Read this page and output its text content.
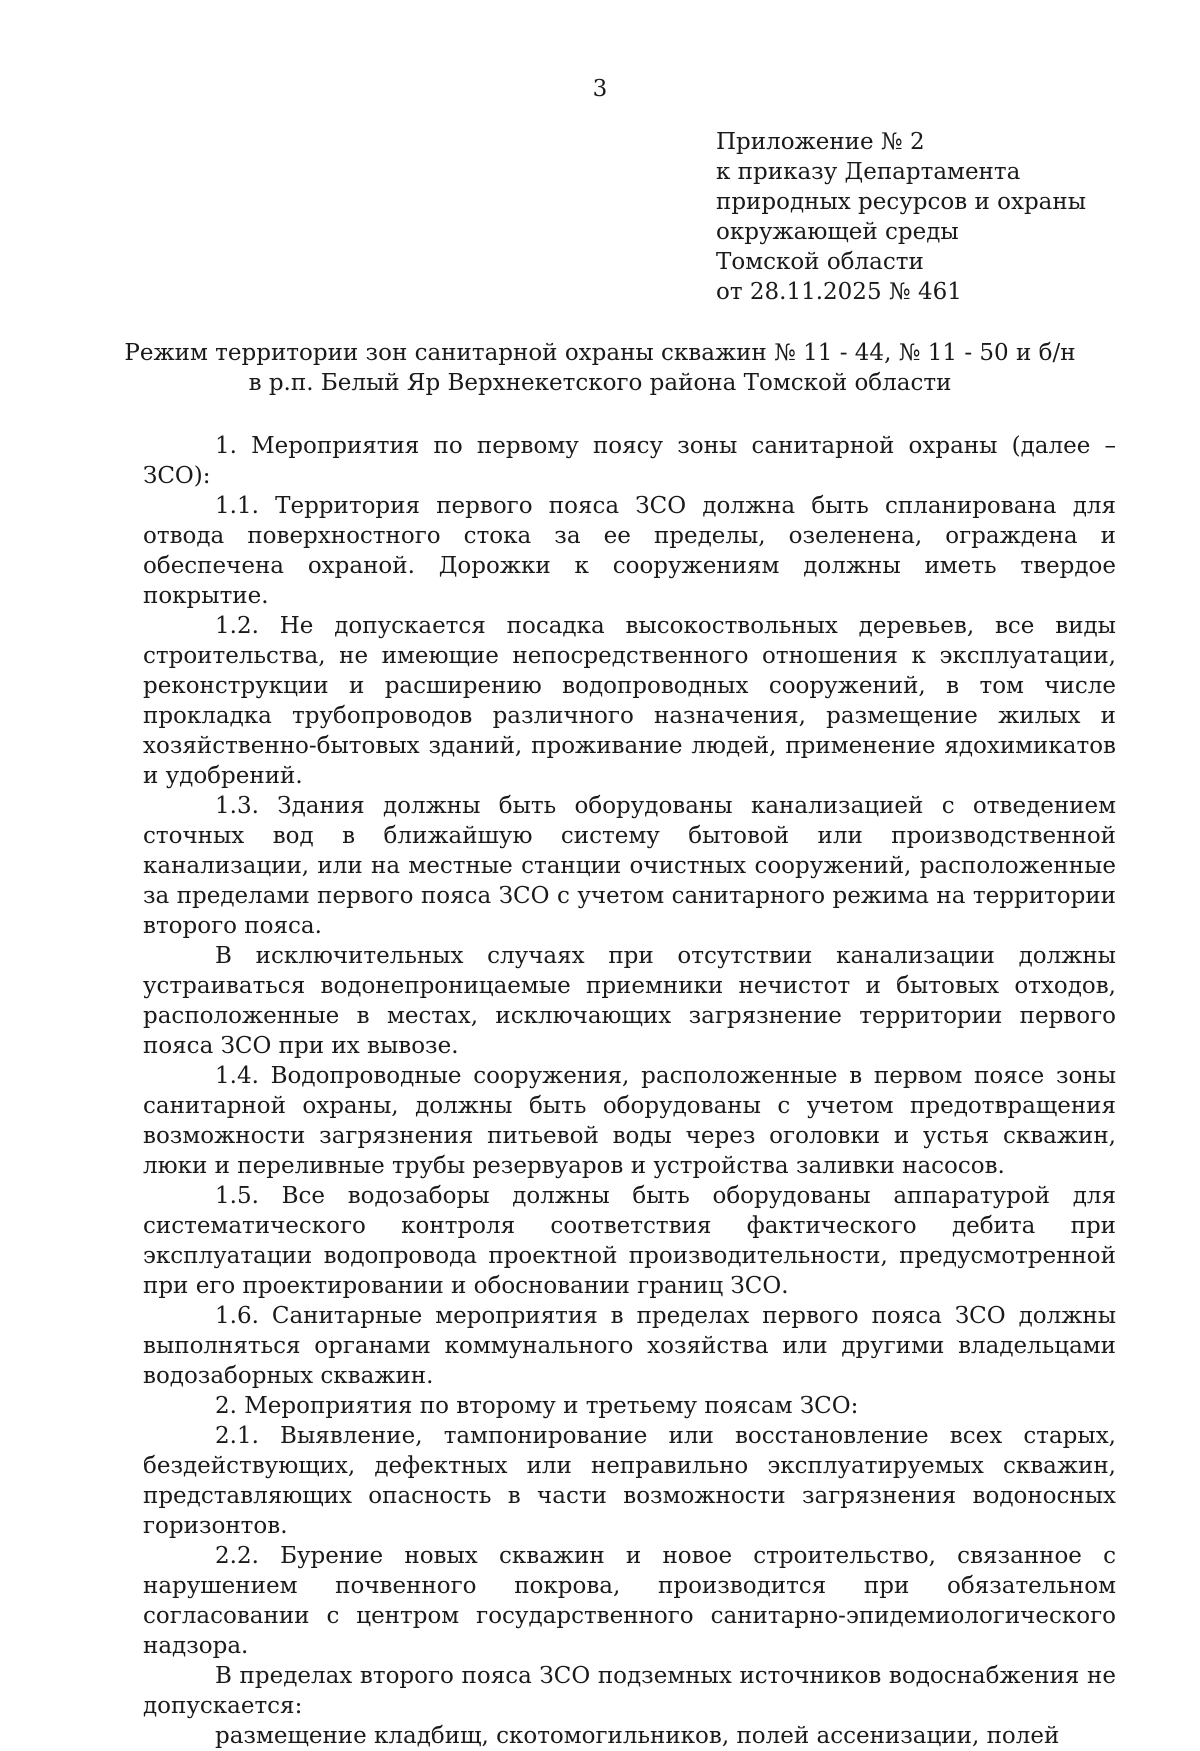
3
Приложение № 2
к приказу Департамента
природных ресурсов и охраны
окружающей среды
Томской области
от 28.11.2025 № 461
Режим территории зон санитарной охраны скважин № 11 - 44, № 11 - 50 и б/н
в р.п. Белый Яр Верхнекетского района Томской области

1. Мероприятия по первому поясу зоны санитарной охраны (далее – ЗСО):

1.1. Территория первого пояса ЗСО должна быть спланирована для отвода поверхностного стока за ее пределы, озеленена, ограждена и обеспечена охраной. Дорожки к сооружениям должны иметь твердое покрытие.

1.2. Не допускается посадка высокоствольных деревьев, все виды строительства, не имеющие непосредственного отношения к эксплуатации, реконструкции и расширению водопроводных сооружений, в том числе прокладка трубопроводов различного назначения, размещение жилых и хозяйственно-бытовых зданий, проживание людей, применение ядохимикатов и удобрений.

1.3. Здания должны быть оборудованы канализацией с отведением сточных вод в ближайшую систему бытовой или производственной канализации, или на местные станции очистных сооружений, расположенные за пределами первого пояса ЗСО с учетом санитарного режима на территории второго пояса.

В исключительных случаях при отсутствии канализации должны устраиваться водонепроницаемые приемники нечистот и бытовых отходов, расположенные в местах, исключающих загрязнение территории первого пояса ЗСО при их вывозе.

1.4. Водопроводные сооружения, расположенные в первом поясе зоны санитарной охраны, должны быть оборудованы с учетом предотвращения возможности загрязнения питьевой воды через оголовки и устья скважин, люки и переливные трубы резервуаров и устройства заливки насосов.

1.5. Все водозаборы должны быть оборудованы аппаратурой для систематического контроля соответствия фактического дебита при эксплуатации водопровода проектной производительности, предусмотренной при его проектировании и обосновании границ ЗСО.

1.6. Санитарные мероприятия в пределах первого пояса ЗСО должны выполняться органами коммунального хозяйства или другими владельцами водозаборных скважин.

2. Мероприятия по второму и третьему поясам ЗСО:

2.1. Выявление, тампонирование или восстановление всех старых, бездействующих, дефектных или неправильно эксплуатируемых скважин, представляющих опасность в части возможности загрязнения водоносных горизонтов.

2.2. Бурение новых скважин и новое строительство, связанное с нарушением почвенного покрова, производится при обязательном согласовании с центром государственного санитарно-эпидемиологического надзора.

В пределах второго пояса ЗСО подземных источников водоснабжения не допускается:

размещение кладбищ, скотомогильников, полей ассенизации, полей
